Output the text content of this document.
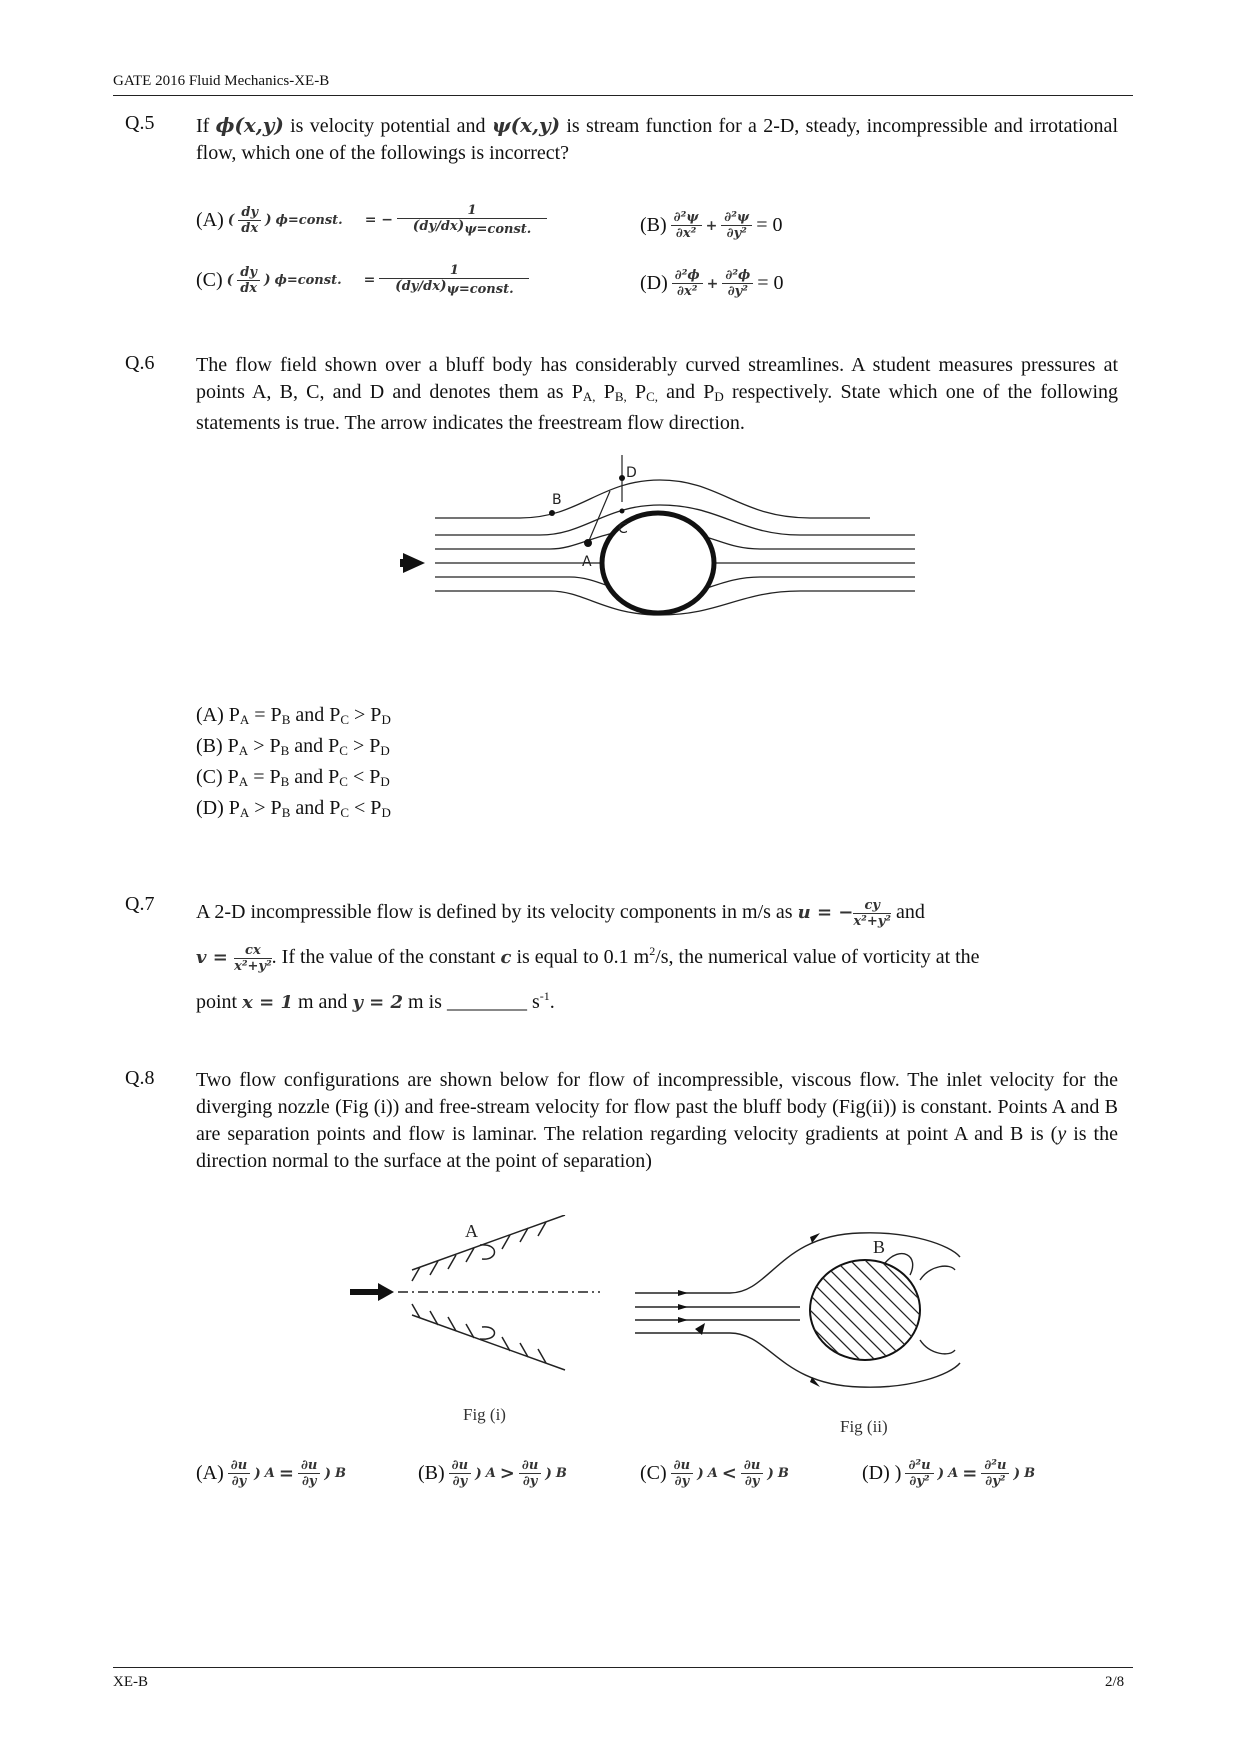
GATE 2016 Fluid Mechanics-XE-B
Q.5 If ϕ(x,y) is velocity potential and ψ(x,y) is stream function for a 2-D, steady, incompressible and irrotational flow, which one of the followings is incorrect?
(A) ( $\frac{dy}{dx}$ ) ϕ=const. = − $\frac{1}{\text{(dy/dx)ψ=const.}}$	$(B) \frac{\text{∂²ψ}}{\text{∂x²}} + \frac{\text{∂²ψ}}{\text{∂y²}} = 0$
(C) ( $\frac{dy}{dx}$ ) ϕ=const. = $\frac{1}{\text{(dy/dx)ψ=const.}}$	$(D) \frac{\text{∂²ϕ}}{\text{∂x²}} + \frac{\text{∂²ϕ}}{\text{∂y²}} = 0$
Q.6 The flow field shown over a bluff body has considerably curved streamlines. A student measures pressures at points A, B, C, and D and denotes them as $P_{A,}$ $P_{B,}$ $P_{C,}$ and $P_D$ respectively. State which one of the following statements is true. The arrow indicates the freestream flow direction.
A
B
C
D
(A) $P_A = P_B$ and $P_C > P_D$
(B) $P_A > P_B$ and $P_C > P_D$
(C) $P_A = P_B$ and $P_C < P_D$
(D) $P_A > P_B$ and $P_C < P_D$
Q.7 A 2-D incompressible flow is defined by its velocity components in m/s as u = − $\frac{cy}{\text{x²+y²}}$ and
$v = \frac{cx}{\text{x²+y²}}$ . If the value of the constant c is equal to 0.1 $m^2/s$, the numerical value of vorticity at the
point x = 1 m and y = 2 m is ________ $s^{-1}$.
Q.8 Two flow configurations are shown below for flow of incompressible, viscous flow. The inlet velocity for the diverging nozzle (Fig (i)) and free-stream velocity for flow past the bluff body (Fig(ii)) is constant. Points A and B are separation points and flow is laminar. The relation regarding velocity gradients at point A and B is (y is the direction normal to the surface at the point of separation)
A
Fig (i)
B
Fig (ii)
$(A) \frac{\partial u}{\partial y}$ ) $A = \frac{\partial u}{\partial y}$ ) B	$(B) \frac{\partial u}{\partial y}$ ) $A > \frac{\partial u}{\partial y}$ ) B	$(C) \frac{\partial u}{\partial y}$ ) $A < \frac{\partial u}{\partial y}$ ) B	(D) ) $\frac{\text{∂²u}}{\text{∂y²}}$ ) $A = \frac{\text{∂²u}}{\text{∂y²}}$ ) B
XE-B	2/8
